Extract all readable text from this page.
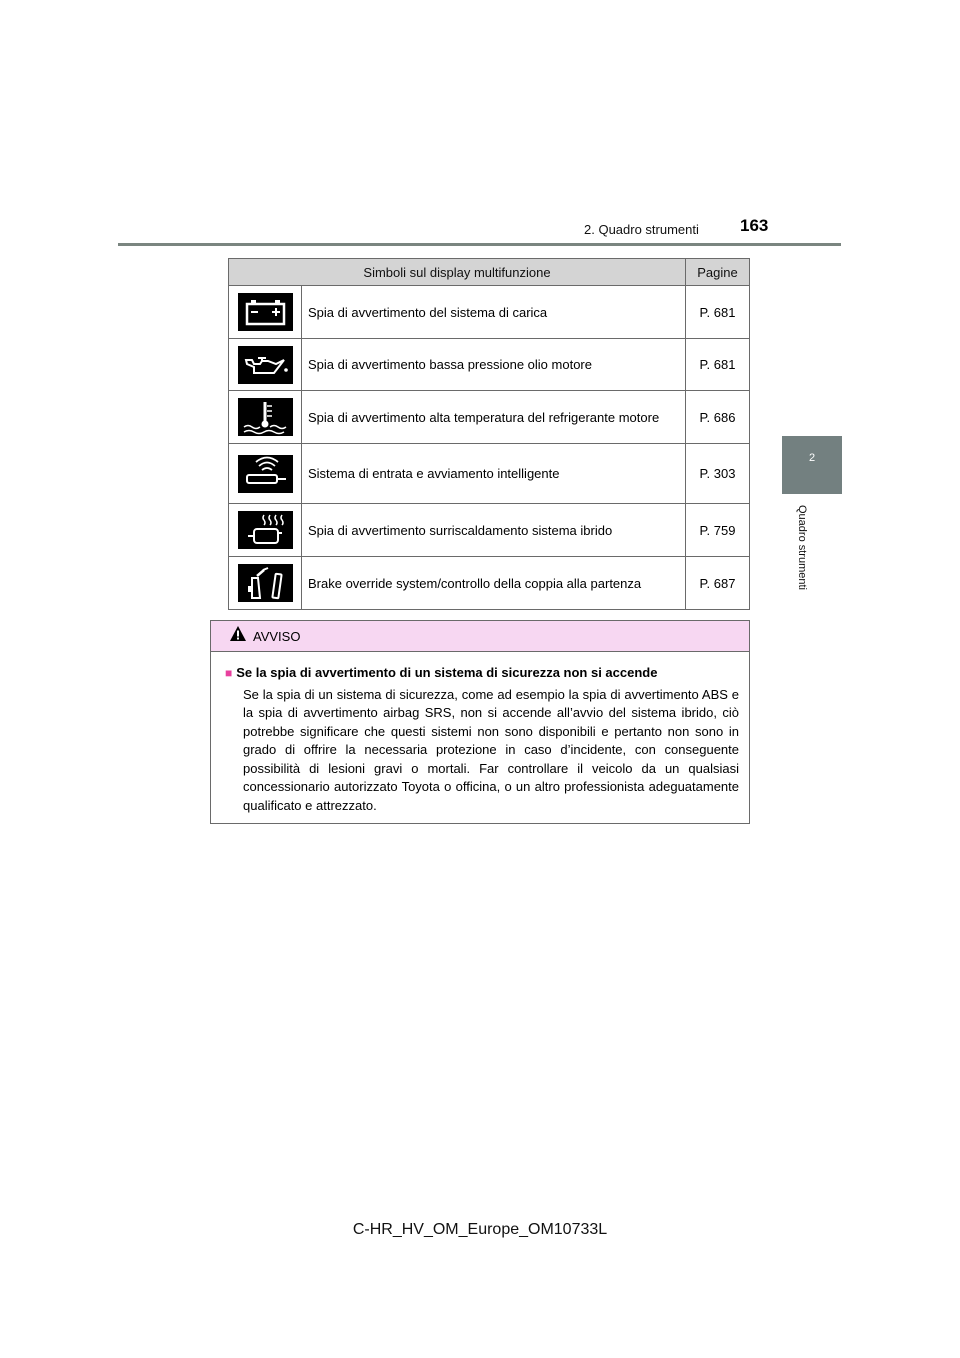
2. Quadro strumenti 163
2
Quadro strumenti
Simboli sul display multifunzione		Pagine

	Spia di avvertimento del sistema di carica	P. 681

	Spia di avvertimento bassa pressione olio motore	P. 681

	Spia di avvertimento alta temperatura del refrigerante motore	P. 686

	Sistema di entrata e avviamento intelligente	P. 303

	Spia di avvertimento surriscaldamento sistema ibrido	P. 759

	Brake override system/controllo della coppia alla partenza	P. 687
AVVISO
■ Se la spia di avvertimento di un sistema di sicurezza non si accende
Se la spia di un sistema di sicurezza, come ad esempio la spia di avvertimento ABS e la spia di avvertimento airbag SRS, non si accende all’avvio del sistema ibrido, ciò potrebbe significare che questi sistemi non sono disponibili e pertanto non sono in grado di offrire la necessaria protezione in caso d’incidente, con conseguente possibilità di lesioni gravi o mortali. Far controllare il veicolo da un qualsiasi concessionario autorizzato Toyota o officina, o un altro professionista adeguatamente qualificato e attrezzato.
C-HR_HV_OM_Europe_OM10733L
